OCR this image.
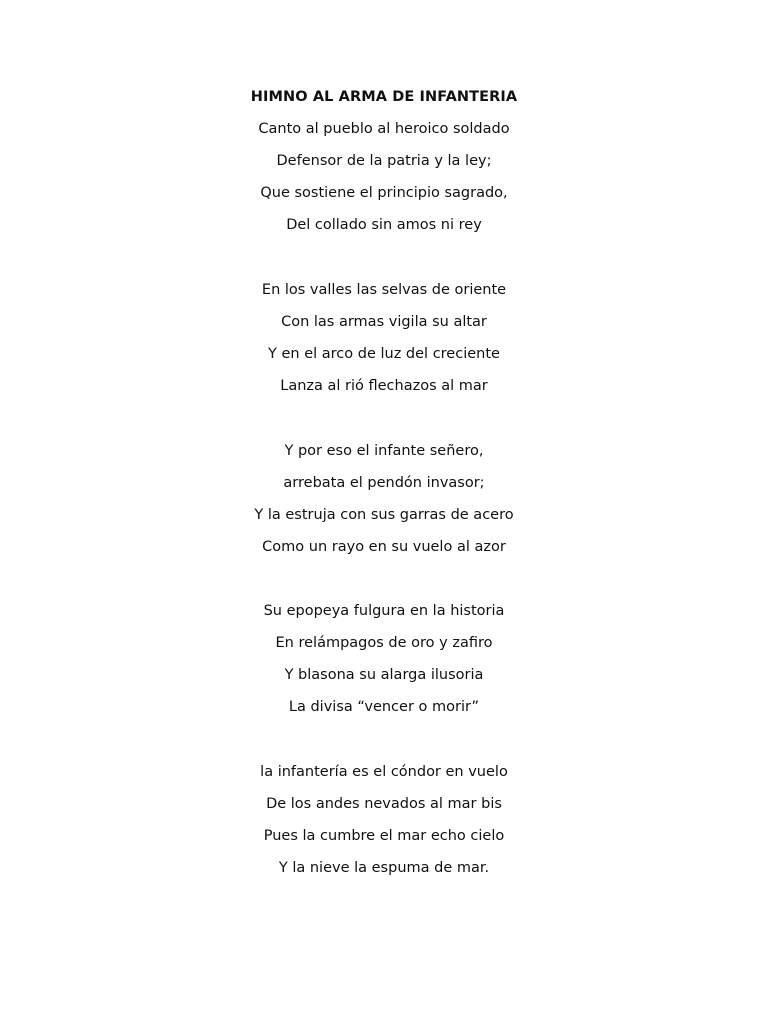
HIMNO AL ARMA DE INFANTERIA
Canto al pueblo al heroico soldado
Defensor de la patria y la ley;
Que sostiene el principio sagrado,
Del collado sin amos ni rey
En los valles las selvas de oriente
Con las armas vigila su altar
Y en el arco de luz del creciente
Lanza al rió flechazos al mar
Y por eso el infante señero,
arrebata el pendón invasor;
Y la estruja con sus garras de acero
Como un rayo en su vuelo al azor
Su epopeya fulgura en la historia
En relámpagos de oro y zafiro
Y blasona su alarga ilusoria
La divisa “vencer o morir”
la infantería es el cóndor en vuelo
De los andes nevados al mar bis
Pues la cumbre el mar echo cielo
Y la nieve la espuma de mar.
